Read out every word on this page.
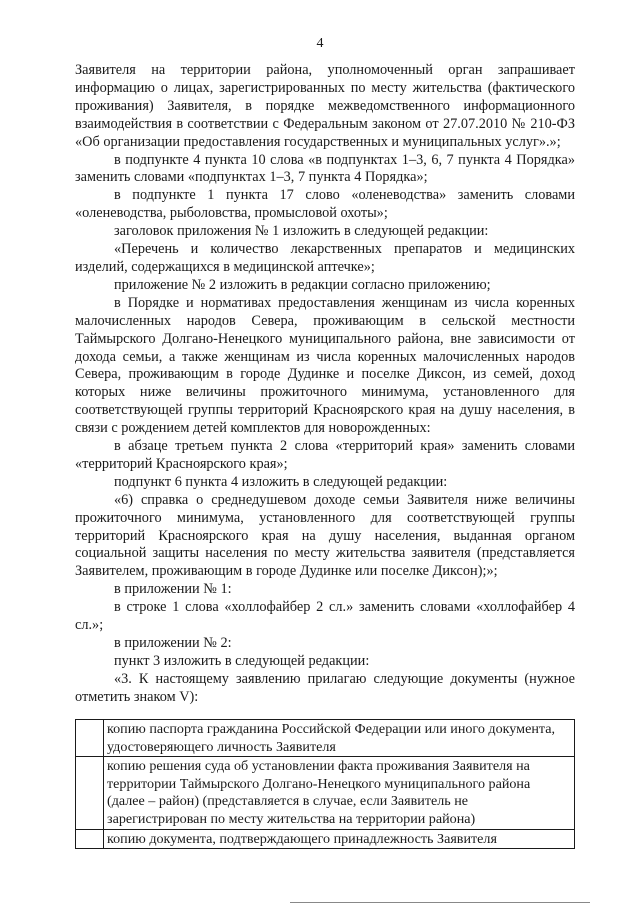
4

Заявителя на территории района, уполномоченный орган запрашивает информацию о лицах, зарегистрированных по месту жительства (фактического проживания) Заявителя, в порядке межведомственного информационного взаимодействия в соответствии с Федеральным законом от 27.07.2010 № 210-ФЗ «Об организации предоставления государственных и муниципальных услуг».»;

в подпункте 4 пункта 10 слова «в подпунктах 1–3, 6, 7 пункта 4 Порядка» заменить словами «подпунктах 1–3, 7 пункта 4 Порядка»;

в подпункте 1 пункта 17 слово «оленеводства» заменить словами «оленеводства, рыболовства, промысловой охоты»;

заголовок приложения № 1 изложить в следующей редакции:

«Перечень и количество лекарственных препаратов и медицинских изделий, содержащихся в медицинской аптечке»;

приложение № 2 изложить в редакции согласно приложению;

в Порядке и нормативах предоставления женщинам из числа коренных малочисленных народов Севера, проживающим в сельской местности Таймырского Долгано-Ненецкого муниципального района, вне зависимости от дохода семьи, а также женщинам из числа коренных малочисленных народов Севера, проживающим в городе Дудинке и поселке Диксон, из семей, доход которых ниже величины прожиточного минимума, установленного для соответствующей группы территорий Красноярского края на душу населения, в связи с рождением детей комплектов для новорожденных:

в абзаце третьем пункта 2 слова «территорий края» заменить словами «территорий Красноярского края»;

подпункт 6 пункта 4 изложить в следующей редакции:

«6) справка о среднедушевом доходе семьи Заявителя ниже величины прожиточного минимума, установленного для соответствующей группы территорий Красноярского края на душу населения, выданная органом социальной защиты населения по месту жительства заявителя (представляется Заявителем, проживающим в городе Дудинке или поселке Диксон);»;

в приложении № 1:

в строке 1 слова «холлофайбер 2 сл.» заменить словами «холлофайбер 4 сл.»;

в приложении № 2:

пункт 3 изложить в следующей редакции:

«3. К настоящему заявлению прилагаю следующие документы (нужное отметить знаком V):

	копию паспорта гражданина Российской Федерации или иного документа, удостоверяющего личность Заявителя
	копию решения суда об установлении факта проживания Заявителя на территории Таймырского Долгано-Ненецкого муниципального района (далее – район) (представляется в случае, если Заявитель не зарегистрирован по месту жительства на территории района)
	копию документа, подтверждающего принадлежность Заявителя
